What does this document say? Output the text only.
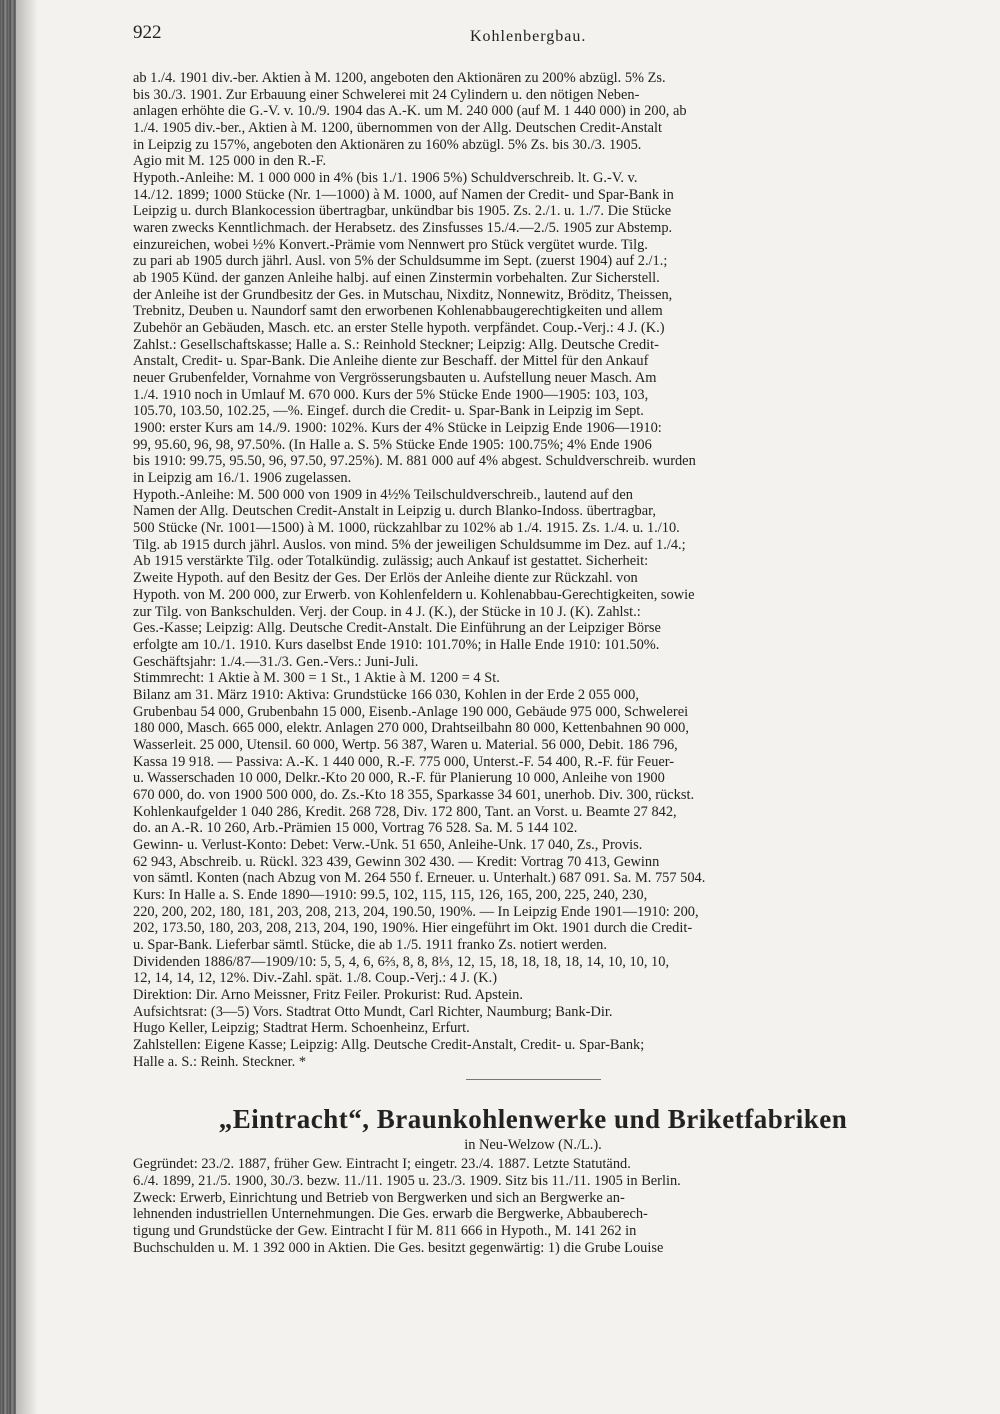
922	Kohlenbergbau.
ab 1./4. 1901 div.-ber. Aktien à M. 1200, angeboten den Aktionären zu 200% abzügl. 5% Zs.
bis 30./3. 1901. Zur Erbauung einer Schwelerei mit 24 Cylindern u. den nötigen Neben-
anlagen erhöhte die G.-V. v. 10./9. 1904 das A.-K. um M. 240 000 (auf M. 1 440 000) in 200, ab
1./4. 1905 div.-ber., Aktien à M. 1200, übernommen von der Allg. Deutschen Credit-Anstalt
in Leipzig zu 157%, angeboten den Aktionären zu 160% abzügl. 5% Zs. bis 30./3. 1905.
Agio mit M. 125 000 in den R.-F.
Hypoth.-Anleihe: M. 1 000 000 in 4% (bis 1./1. 1906 5%) Schuldverschreib. lt. G.-V. v.
14./12. 1899; 1000 Stücke (Nr. 1—1000) à M. 1000, auf Namen der Credit- und Spar-Bank in
Leipzig u. durch Blankocession übertragbar, unkündbar bis 1905. Zs. 2./1. u. 1./7. Die Stücke
waren zwecks Kenntlichmach. der Herabsetz. des Zinsfusses 15./4.—2./5. 1905 zur Abstemp.
einzureichen, wobei ½% Konvert.-Prämie vom Nennwert pro Stück vergütet wurde. Tilg.
zu pari ab 1905 durch jährl. Ausl. von 5% der Schuldsumme im Sept. (zuerst 1904) auf 2./1.;
ab 1905 Künd. der ganzen Anleihe halbj. auf einen Zinstermin vorbehalten. Zur Sicherstell.
der Anleihe ist der Grundbesitz der Ges. in Mutschau, Nixditz, Nonnewitz, Bröditz, Theissen,
Trebnitz, Deuben u. Naundorf samt den erworbenen Kohlenabbaugerechtigkeiten und allem
Zubehör an Gebäuden, Masch. etc. an erster Stelle hypoth. verpfändet. Coup.-Verj.: 4 J. (K.)
Zahlst.: Gesellschaftskasse; Halle a. S.: Reinhold Steckner; Leipzig: Allg. Deutsche Credit-
Anstalt, Credit- u. Spar-Bank. Die Anleihe diente zur Beschaff. der Mittel für den Ankauf
neuer Grubenfelder, Vornahme von Vergrösserungsbauten u. Aufstellung neuer Masch. Am
1./4. 1910 noch in Umlauf M. 670 000. Kurs der 5% Stücke Ende 1900—1905: 103, 103,
105.70, 103.50, 102.25, —%. Eingef. durch die Credit- u. Spar-Bank in Leipzig im Sept.
1900: erster Kurs am 14./9. 1900: 102%. Kurs der 4% Stücke in Leipzig Ende 1906—1910:
99, 95.60, 96, 98, 97.50%. (In Halle a. S. 5% Stücke Ende 1905: 100.75%; 4% Ende 1906
bis 1910: 99.75, 95.50, 96, 97.50, 97.25%). M. 881 000 auf 4% abgest. Schuldverschreib. wurden
in Leipzig am 16./1. 1906 zugelassen.
Hypoth.-Anleihe: M. 500 000 von 1909 in 4½% Teilschuldverschreib., lautend auf den
Namen der Allg. Deutschen Credit-Anstalt in Leipzig u. durch Blanko-Indoss. übertragbar,
500 Stücke (Nr. 1001—1500) à M. 1000, rückzahlbar zu 102% ab 1./4. 1915. Zs. 1./4. u. 1./10.
Tilg. ab 1915 durch jährl. Auslos. von mind. 5% der jeweiligen Schuldsumme im Dez. auf 1./4.;
Ab 1915 verstärkte Tilg. oder Totalkündig. zulässig; auch Ankauf ist gestattet. Sicherheit:
Zweite Hypoth. auf den Besitz der Ges. Der Erlös der Anleihe diente zur Rückzahl. von
Hypoth. von M. 200 000, zur Erwerb. von Kohlenfeldern u. Kohlenabbau-Gerechtigkeiten, sowie
zur Tilg. von Bankschulden. Verj. der Coup. in 4 J. (K.), der Stücke in 10 J. (K). Zahlst.:
Ges.-Kasse; Leipzig: Allg. Deutsche Credit-Anstalt. Die Einführung an der Leipziger Börse
erfolgte am 10./1. 1910. Kurs daselbst Ende 1910: 101.70%; in Halle Ende 1910: 101.50%.
Geschäftsjahr: 1./4.—31./3. Gen.-Vers.: Juni-Juli.
Stimmrecht: 1 Aktie à M. 300 = 1 St., 1 Aktie à M. 1200 = 4 St.
Bilanz am 31. März 1910: Aktiva: Grundstücke 166 030, Kohlen in der Erde 2 055 000,
Grubenbau 54 000, Grubenbahn 15 000, Eisenb.-Anlage 190 000, Gebäude 975 000, Schwelerei
180 000, Masch. 665 000, elektr. Anlagen 270 000, Drahtseilbahn 80 000, Kettenbahnen 90 000,
Wasserleit. 25 000, Utensil. 60 000, Wertp. 56 387, Waren u. Material. 56 000, Debit. 186 796,
Kassa 19 918. — Passiva: A.-K. 1 440 000, R.-F. 775 000, Unterst.-F. 54 400, R.-F. für Feuer-
u. Wasserschaden 10 000, Delkr.-Kto 20 000, R.-F. für Planierung 10 000, Anleihe von 1900
670 000, do. von 1900 500 000, do. Zs.-Kto 18 355, Sparkasse 34 601, unerhob. Div. 300, rückst.
Kohlenkaufgelder 1 040 286, Kredit. 268 728, Div. 172 800, Tant. an Vorst. u. Beamte 27 842,
do. an A.-R. 10 260, Arb.-Prämien 15 000, Vortrag 76 528. Sa. M. 5 144 102.
Gewinn- u. Verlust-Konto: Debet: Verw.-Unk. 51 650, Anleihe-Unk. 17 040, Zs., Provis.
62 943, Abschreib. u. Rückl. 323 439, Gewinn 302 430. — Kredit: Vortrag 70 413, Gewinn
von sämtl. Konten (nach Abzug von M. 264 550 f. Erneuer. u. Unterhalt.) 687 091. Sa. M. 757 504.
Kurs: In Halle a. S. Ende 1890—1910: 99.5, 102, 115, 115, 126, 165, 200, 225, 240, 230,
220, 200, 202, 180, 181, 203, 208, 213, 204, 190.50, 190%. — In Leipzig Ende 1901—1910: 200,
202, 173.50, 180, 203, 208, 213, 204, 190, 190%. Hier eingeführt im Okt. 1901 durch die Credit-
u. Spar-Bank. Lieferbar sämtl. Stücke, die ab 1./5. 1911 franko Zs. notiert werden.
Dividenden 1886/87—1909/10: 5, 5, 4, 6, 6⅔, 8, 8, 8⅓, 12, 15, 18, 18, 18, 18, 14, 10, 10, 10,
12, 14, 14, 12, 12%. Div.-Zahl. spät. 1./8. Coup.-Verj.: 4 J. (K.)
Direktion: Dir. Arno Meissner, Fritz Feiler. Prokurist: Rud. Apstein.
Aufsichtsrat: (3—5) Vors. Stadtrat Otto Mundt, Carl Richter, Naumburg; Bank-Dir.
Hugo Keller, Leipzig; Stadtrat Herm. Schoenheinz, Erfurt.
Zahlstellen: Eigene Kasse; Leipzig: Allg. Deutsche Credit-Anstalt, Credit- u. Spar-Bank;
Halle a. S.: Reinh. Steckner. *
„Eintracht“, Braunkohlenwerke und Briketfabriken
in Neu-Welzow (N./L.).
Gegründet: 23./2. 1887, früher Gew. Eintracht I; eingetr. 23./4. 1887. Letzte Statutänd.
6./4. 1899, 21./5. 1900, 30./3. bezw. 11./11. 1905 u. 23./3. 1909. Sitz bis 11./11. 1905 in Berlin.
Zweck: Erwerb, Einrichtung und Betrieb von Bergwerken und sich an Bergwerke an-
lehnenden industriellen Unternehmungen. Die Ges. erwarb die Bergwerke, Abbauberech-
tigung und Grundstücke der Gew. Eintracht I für M. 811 666 in Hypoth., M. 141 262 in
Buchschulden u. M. 1 392 000 in Aktien. Die Ges. besitzt gegenwärtig: 1) die Grube Louise
